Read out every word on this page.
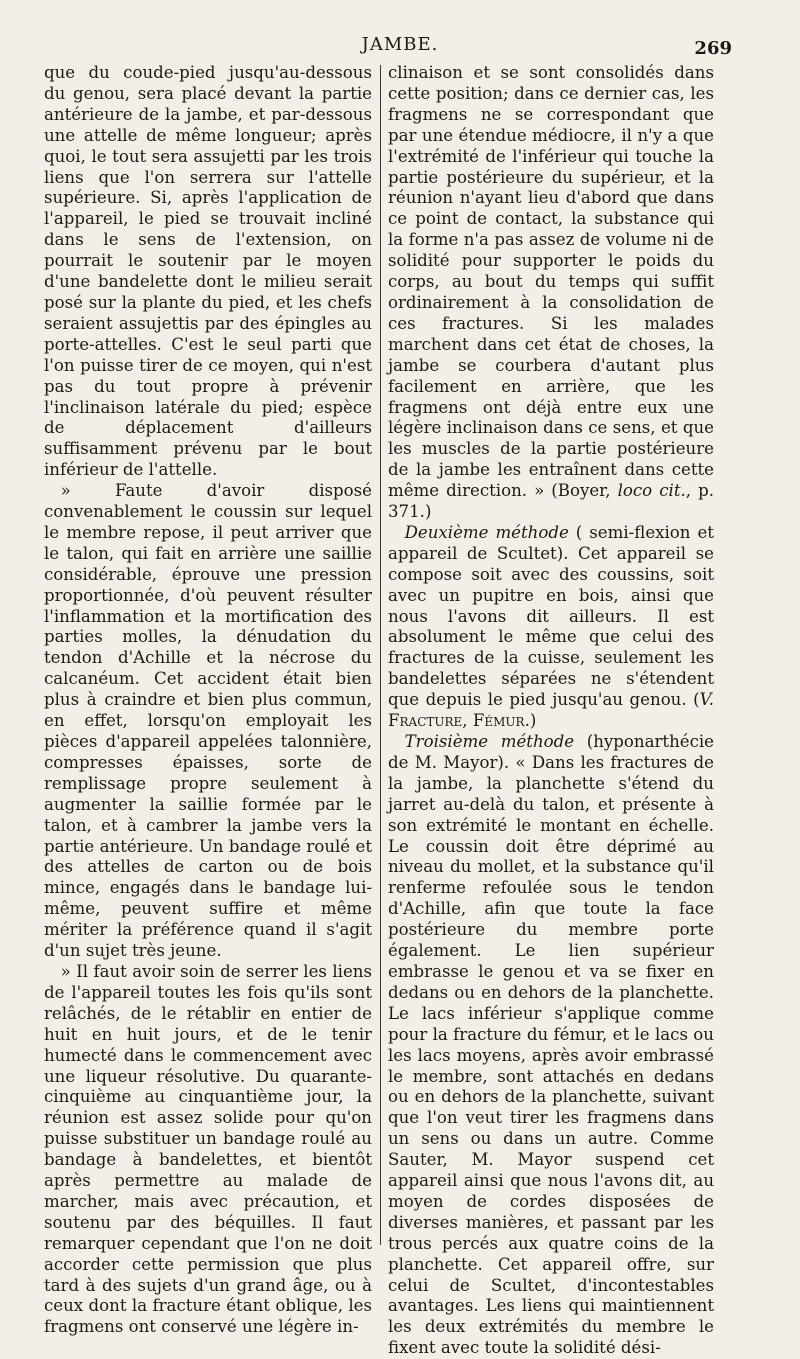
JAMBE.	269

que du coude-pied jusqu'au-dessous du genou, sera placé devant la partie antérieure de la jambe, et par-dessous une attelle de même longueur; après quoi, le tout sera assujetti par les trois liens que l'on serrera sur l'attelle supérieure. Si, après l'application de l'appareil, le pied se trouvait incliné dans le sens de l'extension, on pourrait le soutenir par le moyen d'une bandelette dont le milieu serait posé sur la plante du pied, et les chefs seraient assujettis par des épingles au porte-attelles. C'est le seul parti que l'on puisse tirer de ce moyen, qui n'est pas du tout propre à prévenir l'inclinaison latérale du pied; espèce de déplacement d'ailleurs suffisamment prévenu par le bout inférieur de l'attelle.

» Faute d'avoir disposé convenablement le coussin sur lequel le membre repose, il peut arriver que le talon, qui fait en arrière une saillie considérable, éprouve une pression proportionnée, d'où peuvent résulter l'inflammation et la mortification des parties molles, la dénudation du tendon d'Achille et la nécrose du calcanéum. Cet accident était bien plus à craindre et bien plus commun, en effet, lorsqu'on employait les pièces d'appareil appelées talonnière, compresses épaisses, sorte de remplissage propre seulement à augmenter la saillie formée par le talon, et à cambrer la jambe vers la partie antérieure. Un bandage roulé et des attelles de carton ou de bois mince, engagés dans le bandage lui-même, peuvent suffire et même mériter la préférence quand il s'agit d'un sujet très jeune.

» Il faut avoir soin de serrer les liens de l'appareil toutes les fois qu'ils sont relâchés, de le rétablir en entier de huit en huit jours, et de le tenir humecté dans le commencement avec une liqueur résolutive. Du quarante-cinquième au cinquantième jour, la réunion est assez solide pour qu'on puisse substituer un bandage roulé au bandage à bandelettes, et bientôt après permettre au malade de marcher, mais avec précaution, et soutenu par des béquilles. Il faut remarquer cependant que l'on ne doit accorder cette permission que plus tard à des sujets d'un grand âge, ou à ceux dont la fracture étant oblique, les fragmens ont conservé une légère in-

clinaison et se sont consolidés dans cette position; dans ce dernier cas, les fragmens ne se correspondant que par une étendue médiocre, il n'y a que l'extrémité de l'inférieur qui touche la partie postérieure du supérieur, et la réunion n'ayant lieu d'abord que dans ce point de contact, la substance qui la forme n'a pas assez de volume ni de solidité pour supporter le poids du corps, au bout du temps qui suffit ordinairement à la consolidation de ces fractures. Si les malades marchent dans cet état de choses, la jambe se courbera d'autant plus facilement en arrière, que les fragmens ont déjà entre eux une légère inclinaison dans ce sens, et que les muscles de la partie postérieure de la jambe les entraînent dans cette même direction. » (Boyer, loco cit., p. 371.)

Deuxième méthode ( semi-flexion et appareil de Scultet). Cet appareil se compose soit avec des coussins, soit avec un pupitre en bois, ainsi que nous l'avons dit ailleurs. Il est absolument le même que celui des fractures de la cuisse, seulement les bandelettes séparées ne s'étendent que depuis le pied jusqu'au genou. (V. Fracture, Fémur.)

Troisième méthode (hyponarthécie de M. Mayor). « Dans les fractures de la jambe, la planchette s'étend du jarret au-delà du talon, et présente à son extrémité le montant en échelle. Le coussin doit être déprimé au niveau du mollet, et la substance qu'il renferme refoulée sous le tendon d'Achille, afin que toute la face postérieure du membre porte également. Le lien supérieur embrasse le genou et va se fixer en dedans ou en dehors de la planchette. Le lacs inférieur s'applique comme pour la fracture du fémur, et le lacs ou les lacs moyens, après avoir embrassé le membre, sont attachés en dedans ou en dehors de la planchette, suivant que l'on veut tirer les fragmens dans un sens ou dans un autre. Comme Sauter, M. Mayor suspend cet appareil ainsi que nous l'avons dit, au moyen de cordes disposées de diverses manières, et passant par les trous percés aux quatre coins de la planchette. Cet appareil offre, sur celui de Scultet, d'incontestables avantages. Les liens qui maintiennent les deux extrémités du membre le fixent avec toute la solidité dési-
